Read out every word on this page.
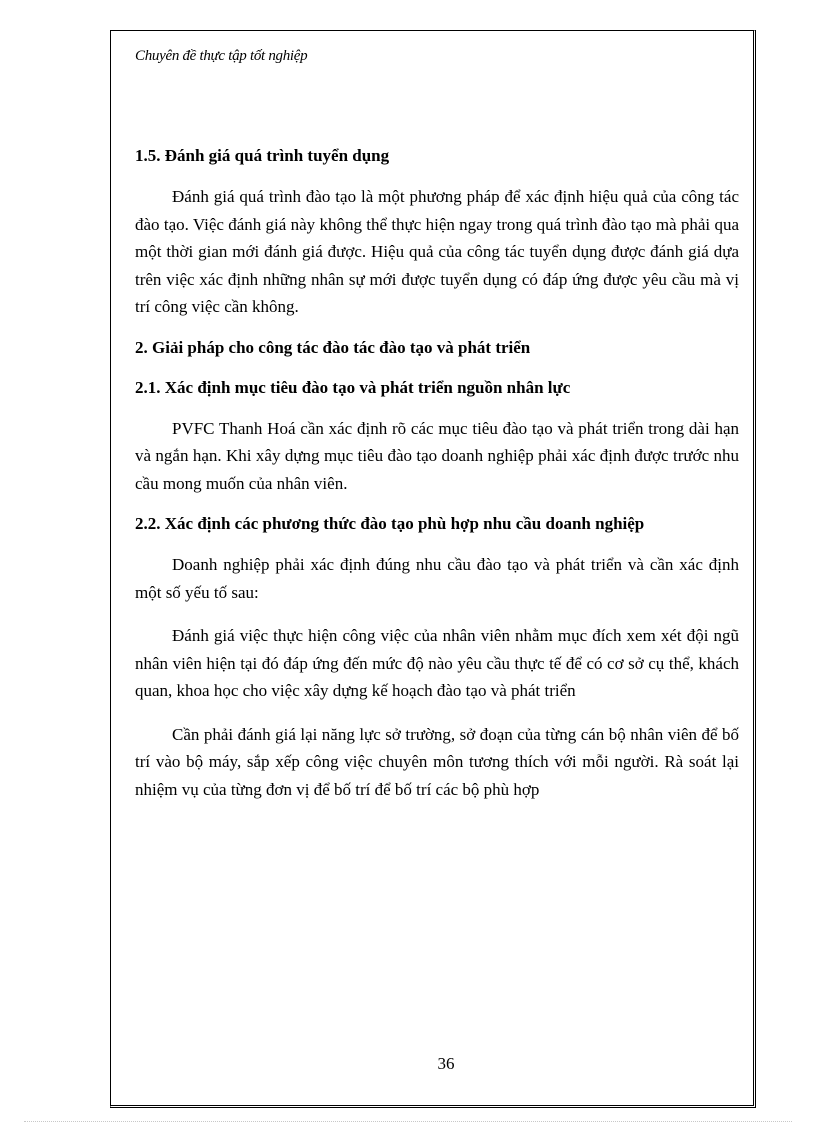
Chuyên đề thực tập tốt nghiệp

1.5. Đánh giá quá trình tuyển dụng

Đánh giá quá trình đào tạo là một phương pháp để xác định hiệu quả của công tác đào tạo. Việc đánh giá này không thể thực hiện ngay trong quá trình đào tạo mà phải qua một thời gian mới đánh giá được. Hiệu quả của công tác tuyển dụng được đánh giá dựa trên việc xác định những nhân sự mới được tuyển dụng có đáp ứng được yêu cầu mà vị trí công việc cần không.

2. Giải pháp cho công tác đào tác đào tạo và phát triển

2.1. Xác định mục tiêu đào tạo và phát triển nguồn nhân lực

PVFC Thanh Hoá cần xác định rõ các mục tiêu đào tạo và phát triển trong dài hạn và ngắn hạn. Khi xây dựng mục tiêu đào tạo doanh nghiệp phải xác định được trước nhu cầu mong muốn của nhân viên.

2.2. Xác định các phương thức đào tạo phù hợp nhu cầu doanh nghiệp

Doanh nghiệp phải xác định đúng nhu cầu đào tạo và phát triển và cần xác định một số yếu tố sau:

Đánh giá việc thực hiện công việc của nhân viên nhằm mục đích xem xét đội ngũ nhân viên hiện tại đó đáp ứng đến mức độ nào yêu cầu thực tế để có cơ sở cụ thể, khách quan, khoa học cho việc xây dựng kế hoạch đào tạo và phát triển

Cần phải đánh giá lại năng lực sở trường, sở đoạn của từng cán bộ nhân viên để bố trí vào bộ máy, sắp xếp công việc chuyên môn tương thích với mỗi người. Rà soát lại nhiệm vụ của từng đơn vị để bố trí để bố trí các bộ phù hợp

36
